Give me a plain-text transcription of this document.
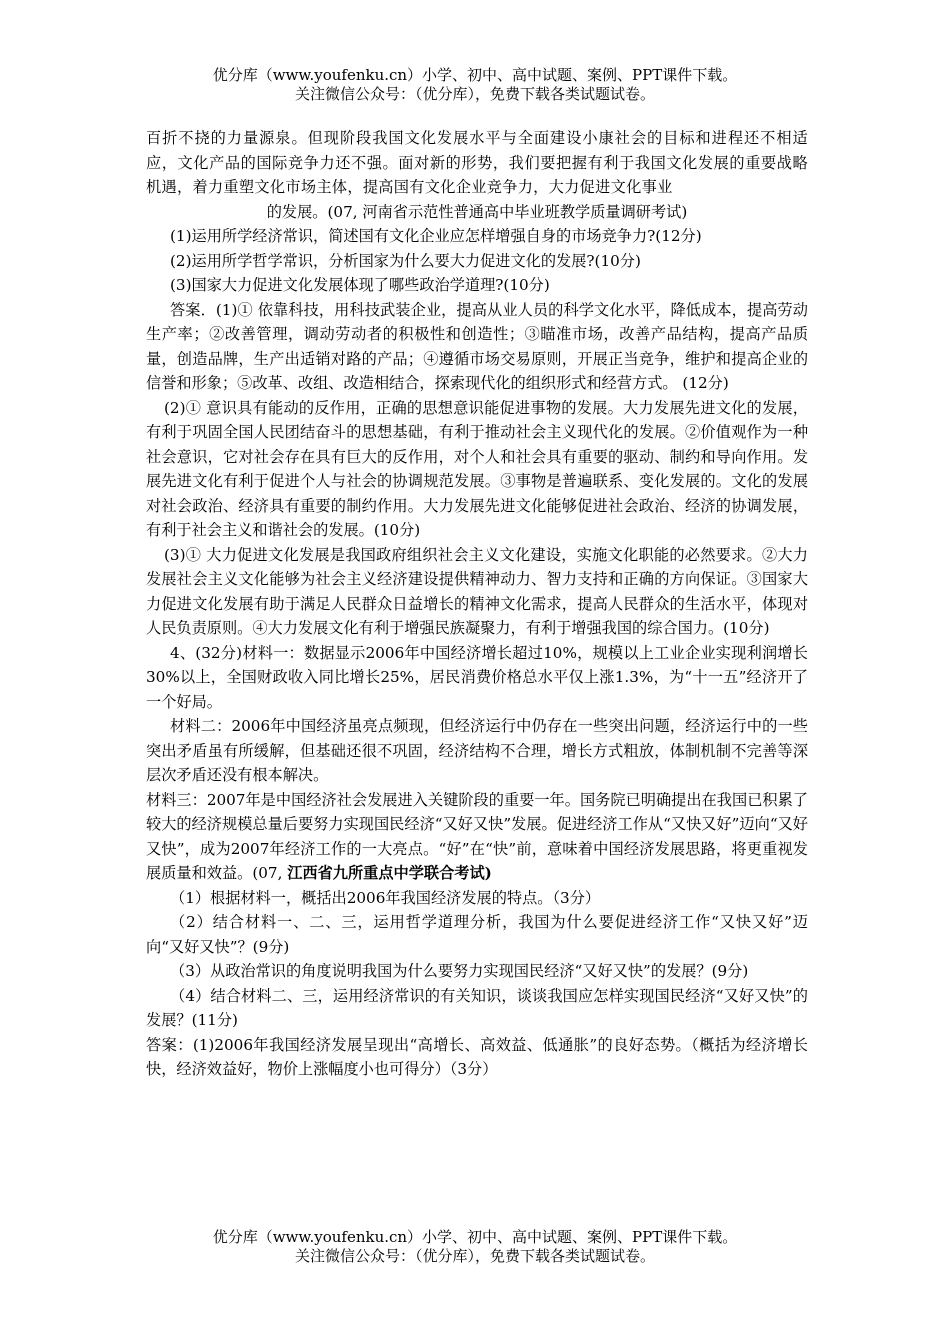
优分库（www.youfenku.cn）小学、初中、高中试题、案例、PPT课件下载。
关注微信公众号：（优分库），免费下载各类试题试卷。

百折不挠的力量源泉。但现阶段我国文化发展水平与全面建设小康社会的目标和进程还不相适应，文化产品的国际竞争力还不强。面对新的形势，我们要把握有利于我国文化发展的重要战略机遇，着力重塑文化市场主体，提高国有文化企业竞争力，大力促进文化事业

的发展。(07, 河南省示范性普通高中毕业班教学质量调研考试)

(1)运用所学经济常识，简述国有文化企业应怎样增强自身的市场竞争力?(12分)

(2)运用所学哲学常识，分析国家为什么要大力促进文化的发展?(10分)

(3)国家大力促进文化发展体现了哪些政治学道理?(10分)

答案．(1)① 依靠科技，用科技武装企业，提高从业人员的科学文化水平，降低成本，提高劳动生产率；②改善管理，调动劳动者的积极性和创造性；③瞄准市场，改善产品结构，提高产品质量，创造品牌，生产出适销对路的产品；④遵循市场交易原则，开展正当竞争，维护和提高企业的信誉和形象；⑤改革、改组、改造相结合，探索现代化的组织形式和经营方式。 (12分)

(2)① 意识具有能动的反作用，正确的思想意识能促进事物的发展。大力发展先进文化的发展，有利于巩固全国人民团结奋斗的思想基础，有利于推动社会主义现代化的发展。②价值观作为一种社会意识，它对社会存在具有巨大的反作用，对个人和社会具有重要的驱动、制约和导向作用。发展先进文化有利于促进个人与社会的协调规范发展。③事物是普遍联系、变化发展的。文化的发展对社会政治、经济具有重要的制约作用。大力发展先进文化能够促进社会政治、经济的协调发展，有利于社会主义和谐社会的发展。(10分)

(3)① 大力促进文化发展是我国政府组织社会主义文化建设，实施文化职能的必然要求。②大力发展社会主义文化能够为社会主义经济建设提供精神动力、智力支持和正确的方向保证。③国家大力促进文化发展有助于满足人民群众日益增长的精神文化需求，提高人民群众的生活水平，体现对人民负责原则。④大力发展文化有利于增强民族凝聚力，有利于增强我国的综合国力。(10分)

4、(32分)材料一：数据显示2006年中国经济增长超过10%，规模以上工业企业实现利润增长30%以上，全国财政收入同比增长25%，居民消费价格总水平仅上涨1.3%，为“十一五”经济开了一个好局。

材料二：2006年中国经济虽亮点频现，但经济运行中仍存在一些突出问题，经济运行中的一些突出矛盾虽有所缓解，但基础还很不巩固，经济结构不合理，增长方式粗放，体制机制不完善等深层次矛盾还没有根本解决。

材料三：2007年是中国经济社会发展进入关键阶段的重要一年。国务院已明确提出在我国已积累了较大的经济规模总量后要努力实现国民经济“又好又快”发展。促进经济工作从“又快又好”迈向“又好又快”，成为2007年经济工作的一大亮点。“好”在“快”前，意味着中国经济发展思路，将更重视发展质量和效益。(07, 江西省九所重点中学联合考试)

（1）根据材料一，概括出2006年我国经济发展的特点。（3分）

（2）结合材料一、二、三，运用哲学道理分析，我国为什么要促进经济工作“又快又好”迈向“又好又快”？(9分)

（3）从政治常识的角度说明我国为什么要努力实现国民经济“又好又快”的发展？(9分)

（4）结合材料二、三，运用经济常识的有关知识，谈谈我国应怎样实现国民经济“又好又快”的发展？(11分)

答案：(1)2006年我国经济发展呈现出“高增长、高效益、低通胀”的良好态势。（概括为经济增长快，经济效益好，物价上涨幅度小也可得分）（3分）

优分库（www.youfenku.cn）小学、初中、高中试题、案例、PPT课件下载。
关注微信公众号：（优分库），免费下载各类试题试卷。
